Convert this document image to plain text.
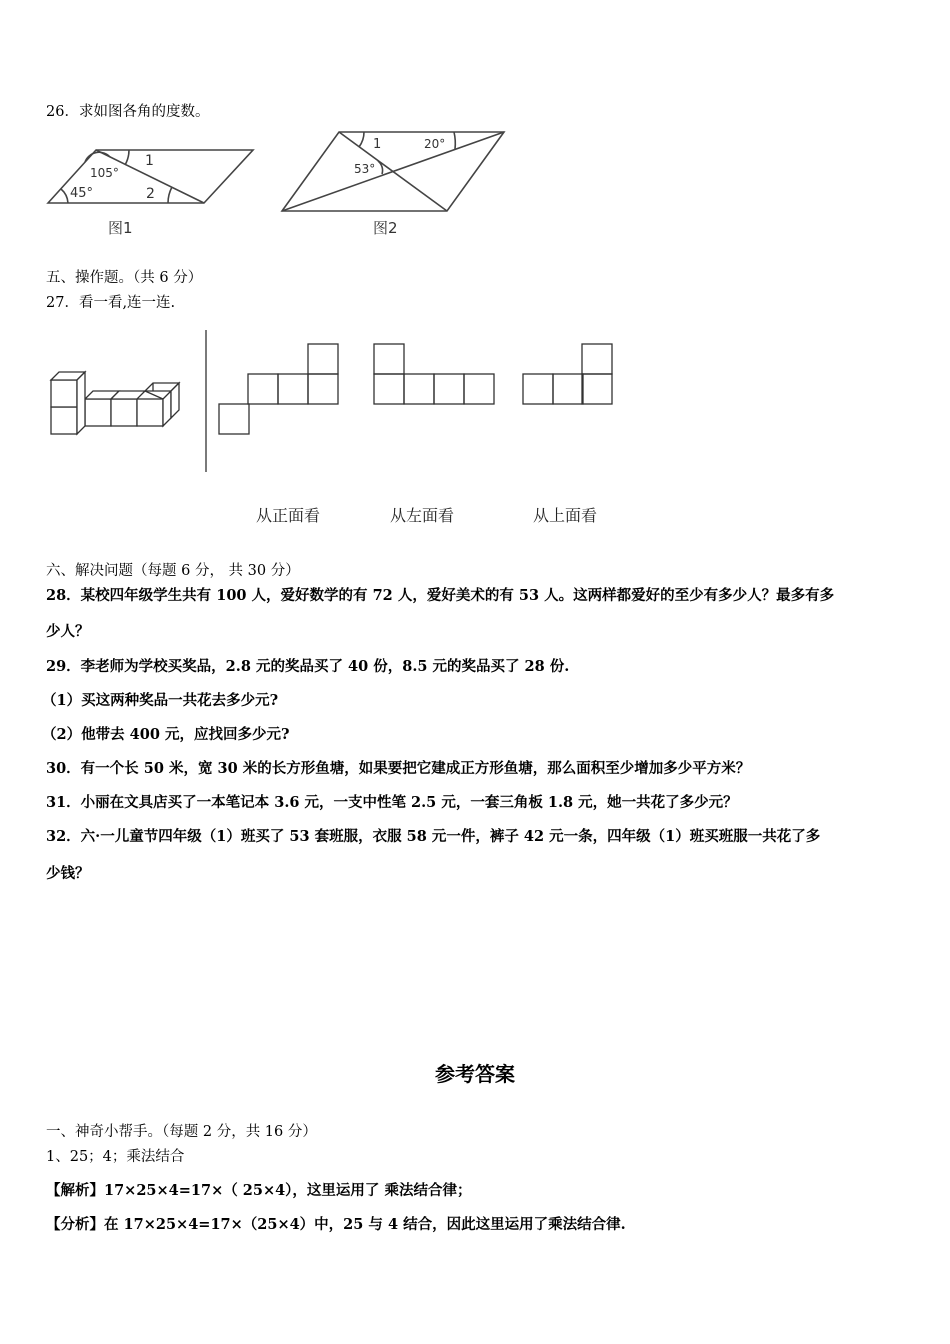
26．求如图各角的度数。
105°
45°
1
2
1	20°
53°
图1	图2
五、操作题。（共 6 分）
27．看一看,连一连.
从正面看	从左面看	从上面看
六、解决问题（每题 6 分， 共 30 分）
28．某校四年级学生共有 100 人，爱好数学的有 72 人，爱好美术的有 53 人。这两样都爱好的至少有多少人？最多有多
少人？
29．李老师为学校买奖品，2.8 元的奖品买了 40 份，8.5 元的奖品买了 28 份.
（1）买这两种奖品一共花去多少元?
（2）他带去 400 元，应找回多少元?
30．有一个长 50 米，宽 30 米的长方形鱼塘，如果要把它建成正方形鱼塘，那么面积至少增加多少平方米？
31．小丽在文具店买了一本笔记本 3.6 元，一支中性笔 2.5 元，一套三角板 1.8 元，她一共花了多少元？
32．六·一儿童节四年级（1）班买了 53 套班服，衣服 58 元一件，裤子 42 元一条，四年级（1）班买班服一共花了多
少钱？
参考答案
一、神奇小帮手。（每题 2 分，共 16 分）
1、25；4；乘法结合
【解析】17×25×4=17×（ 25×4），这里运用了 乘法结合律；
【分析】在 17×25×4=17×（25×4）中，25 与 4 结合，因此这里运用了乘法结合律.
